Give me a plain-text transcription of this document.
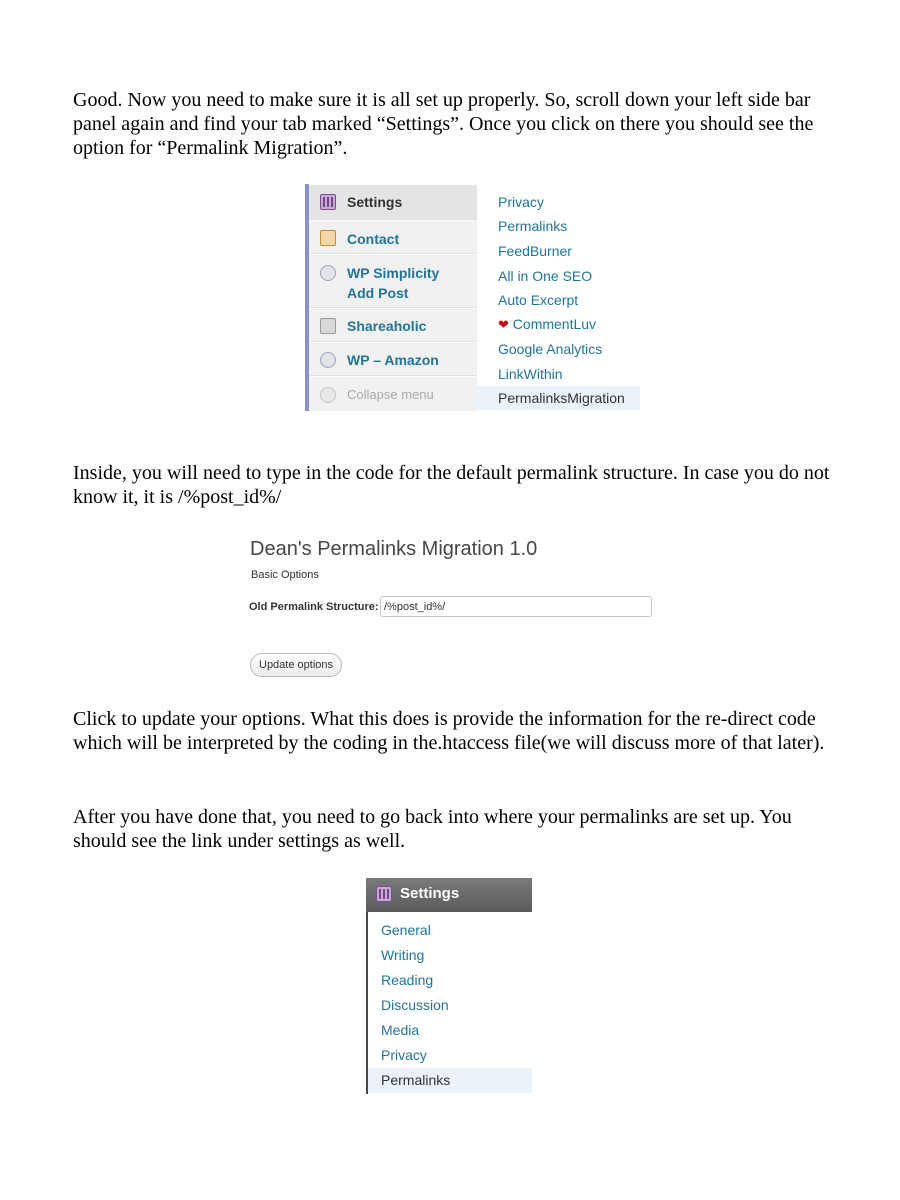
Good. Now you need to make sure it is all set up properly. So, scroll down your left side bar panel again and find your tab marked “Settings”. Once you click on there you should see the option for “Permalink Migration”.

Settings
Contact
WP Simplicity Add Post
Shareaholic
WP – Amazon
Collapse menu
Privacy
Permalinks
FeedBurner
All in One SEO
Auto Excerpt
❤ CommentLuv
Google Analytics
LinkWithin
PermalinksMigration

Inside, you will need to type in the code for the default permalink structure. In case you do not know it, it is /%post_id%/

Dean's Permalinks Migration 1.0
Basic Options
Old Permalink Structure:
/%post_id%/
Update options

Click to update your options. What this does is provide the information for the re-direct code which will be interpreted by the coding in the.htaccess file(we will discuss more of that later).

After you have done that, you need to go back into where your permalinks are set up. You should see the link under settings as well.

Settings
General
Writing
Reading
Discussion
Media
Privacy
Permalinks
